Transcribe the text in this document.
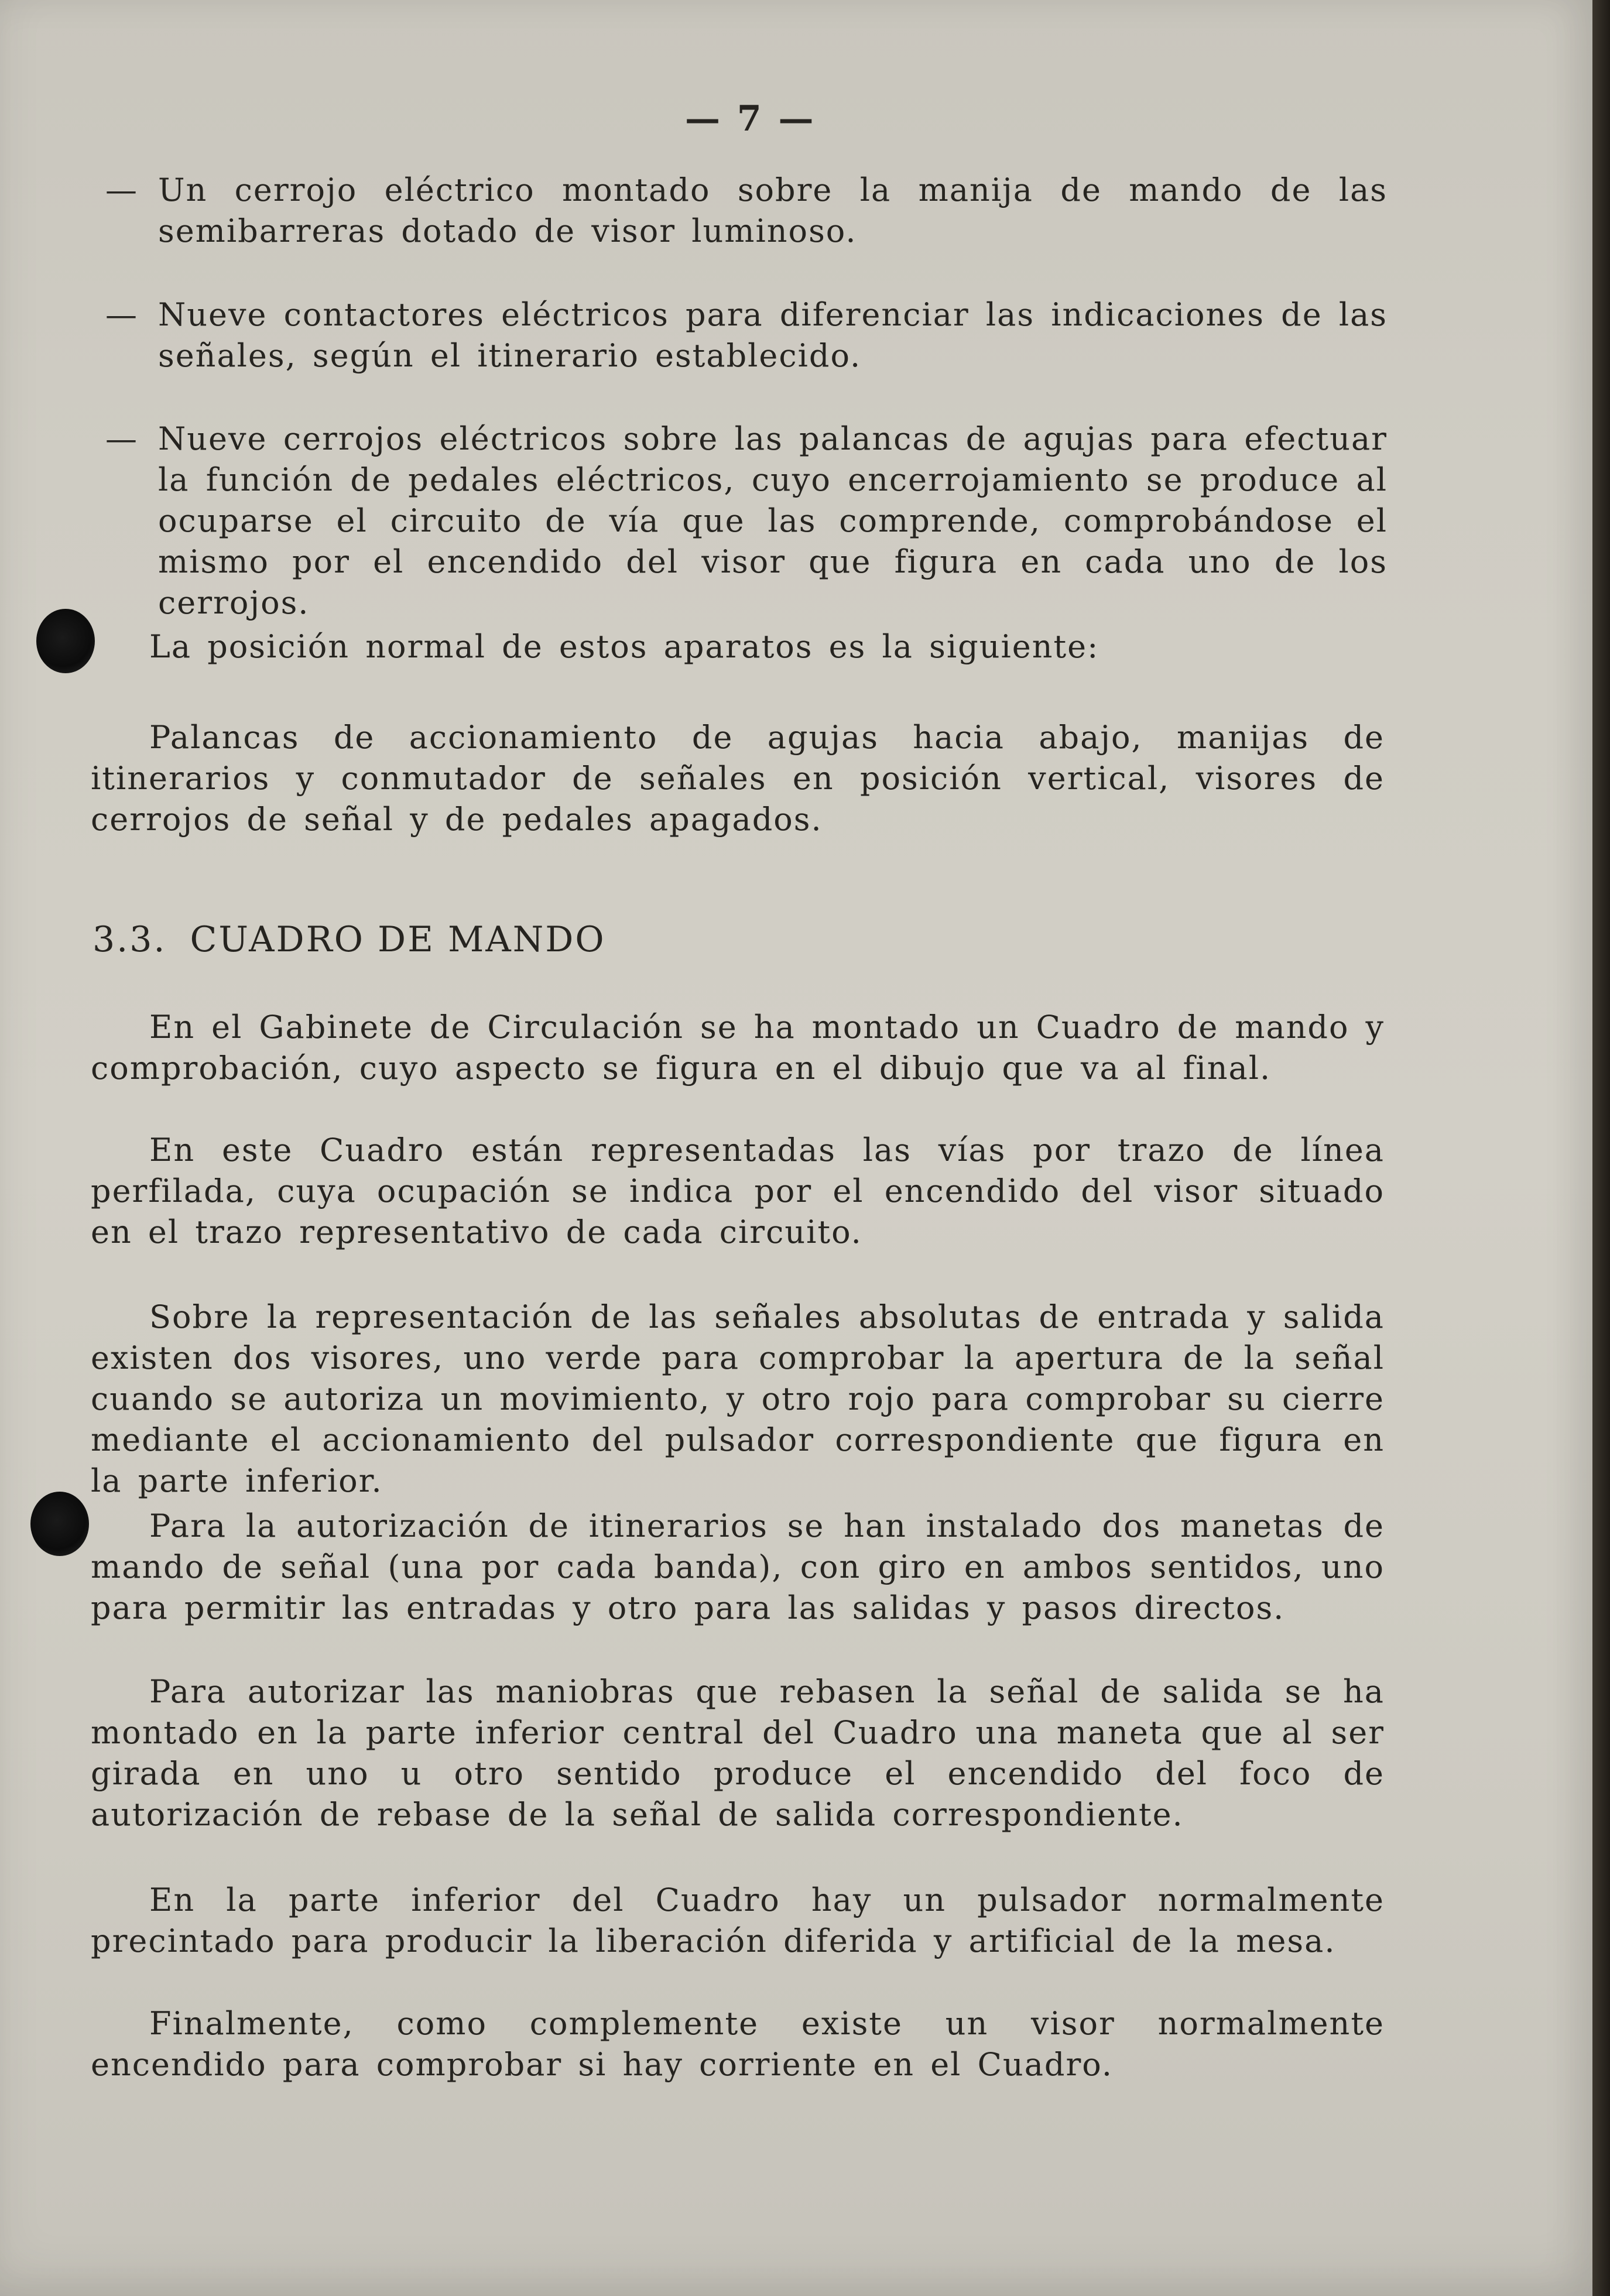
— 7 —
— Un cerrojo eléctrico montado sobre la manija de mando de las semibarreras dotado de visor luminoso.

— Nueve contactores eléctricos para diferenciar las indicaciones de las señales, según el itinerario establecido.

— Nueve cerrojos eléctricos sobre las palancas de agujas para efectuar la función de pedales eléctricos, cuyo encerrojamiento se produce al ocuparse el circuito de vía que las comprende, comprobándose el mismo por el encendido del visor que figura en cada uno de los cerrojos.

La posición normal de estos aparatos es la siguiente:

Palancas de accionamiento de agujas hacia abajo, manijas de itinerarios y conmutador de señales en posición vertical, visores de cerrojos de señal y de pedales apagados.

3.3. CUADRO DE MANDO

En el Gabinete de Circulación se ha montado un Cuadro de mando y comprobación, cuyo aspecto se figura en el dibujo que va al final.

En este Cuadro están representadas las vías por trazo de línea perfilada, cuya ocupación se indica por el encendido del visor situado en el trazo representativo de cada circuito.

Sobre la representación de las señales absolutas de entrada y salida existen dos visores, uno verde para comprobar la apertura de la señal cuando se autoriza un movimiento, y otro rojo para comprobar su cierre mediante el accionamiento del pulsador correspondiente que figura en la parte inferior.

Para la autorización de itinerarios se han instalado dos manetas de mando de señal (una por cada banda), con giro en ambos sentidos, uno para permitir las entradas y otro para las salidas y pasos directos.

Para autorizar las maniobras que rebasen la señal de salida se ha montado en la parte inferior central del Cuadro una maneta que al ser girada en uno u otro sentido produce el encendido del foco de autorización de rebase de la señal de salida correspondiente.

En la parte inferior del Cuadro hay un pulsador normalmente precintado para producir la liberación diferida y artificial de la mesa.

Finalmente, como complemente existe un visor normalmente encendido para comprobar si hay corriente en el Cuadro.
